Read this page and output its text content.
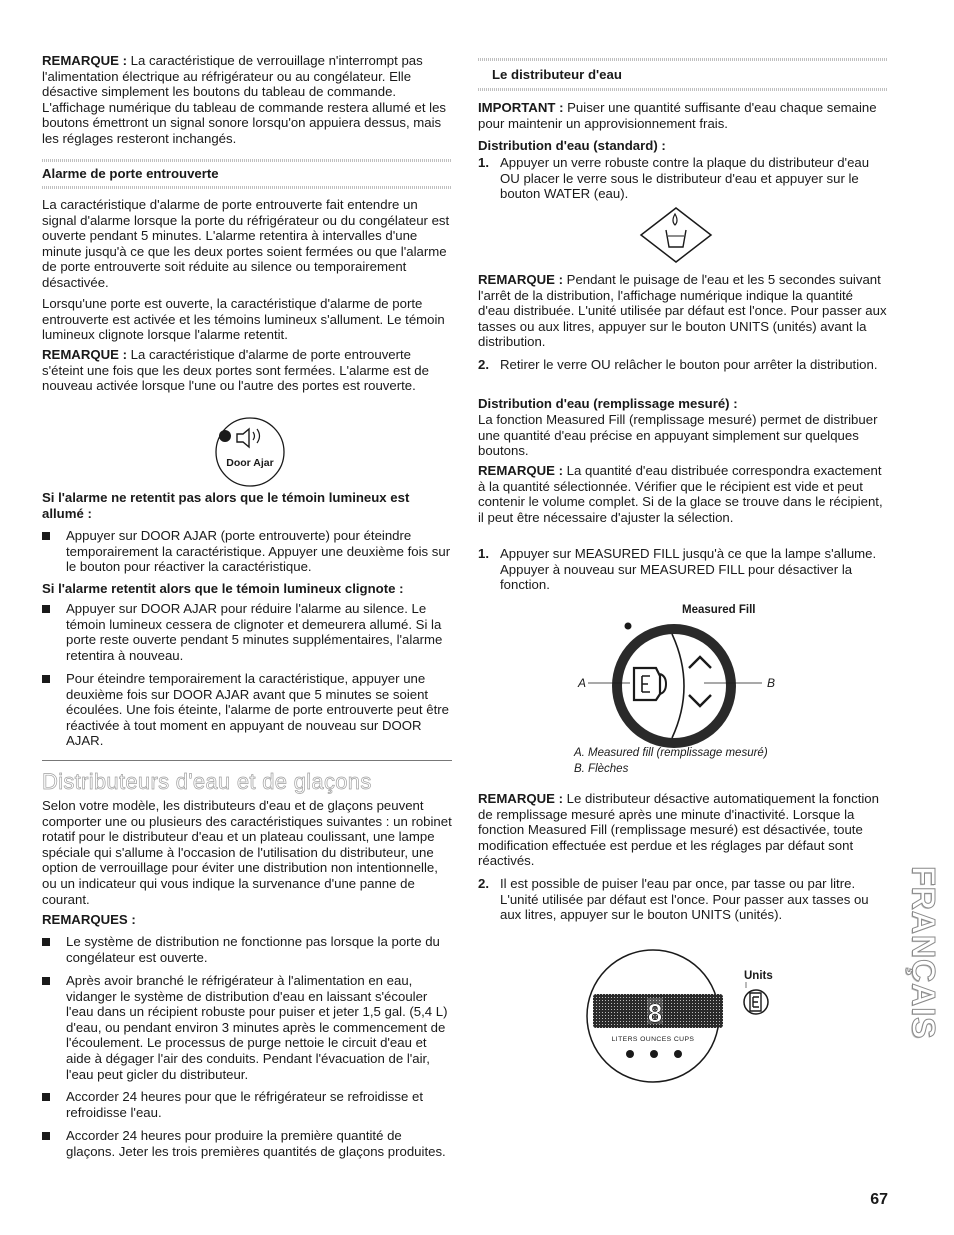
REMARQUE : La caractéristique de verrouillage n'interrompt pas l'alimentation électrique au réfrigérateur ou au congélateur. Elle désactive simplement les boutons du tableau de commande. L'affichage numérique du tableau de commande restera allumé et les boutons émettront un signal sonore lorsqu'on appuiera dessus, mais les réglages resteront inchangés.

Alarme de porte entrouverte

La caractéristique d'alarme de porte entrouverte fait entendre un signal d'alarme lorsque la porte du réfrigérateur ou du congélateur est ouverte pendant 5 minutes. L'alarme retentira à intervalles d'une minute jusqu'à ce que les deux portes soient fermées ou que l'alarme de porte entrouverte soit réduite au silence ou temporairement désactivée.

Lorsqu'une porte est ouverte, la caractéristique d'alarme de porte entrouverte est activée et les témoins lumineux s'allument. Le témoin lumineux clignote lorsque l'alarme retentit.

REMARQUE : La caractéristique d'alarme de porte entrouverte s'éteint une fois que les deux portes sont fermées. L'alarme est de nouveau activée lorsque l'une ou l'autre des portes est rouverte.

Door Ajar

Si l'alarme ne retentit pas alors que le témoin lumineux est allumé :

Appuyer sur DOOR AJAR (porte entrouverte) pour éteindre temporairement la caractéristique. Appuyer une deuxième fois sur le bouton pour réactiver la caractéristique.

Si l'alarme retentit alors que le témoin lumineux clignote :

Appuyer sur DOOR AJAR pour réduire l'alarme au silence. Le témoin lumineux cessera de clignoter et demeurera allumé. Si la porte reste ouverte pendant 5 minutes supplémentaires, l'alarme retentira à nouveau.
Pour éteindre temporairement la caractéristique, appuyer une deuxième fois sur DOOR AJAR avant que 5 minutes se soient écoulées. Une fois éteinte, l'alarme de porte entrouverte peut être réactivée à tout moment en appuyant de nouveau sur DOOR AJAR.
Distributeurs d'eau et de glaçons

Selon votre modèle, les distributeurs d'eau et de glaçons peuvent comporter une ou plusieurs des caractéristiques suivantes : un robinet rotatif pour le distributeur d'eau et un plateau coulissant, une lampe spéciale qui s'allume à l'occasion de l'utilisation du distributeur, une option de verrouillage pour éviter une distribution non intentionnelle, ou un indicateur qui vous indique la survenance d'une panne de courant.

REMARQUES :

Le système de distribution ne fonctionne pas lorsque la porte du congélateur est ouverte.
Après avoir branché le réfrigérateur à l'alimentation en eau, vidanger le système de distribution d'eau en laissant s'écouler l'eau dans un récipient robuste pour puiser et jeter 1,5 gal. (5,4 L) d'eau, ou pendant environ 3 minutes après le commencement de l'écoulement. Le processus de purge nettoie le circuit d'eau et aide à dégager l'air des conduits. Pendant l'évacuation de l'air, l'eau peut gicler du distributeur.
Accorder 24 heures pour que le réfrigérateur se refroidisse et refroidisse l'eau.
Accorder 24 heures pour produire la première quantité de glaçons. Jeter les trois premières quantités de glaçons produites.
Le distributeur d'eau

IMPORTANT : Puiser une quantité suffisante d'eau chaque semaine pour maintenir un approvisionnement frais.

Distribution d'eau (standard) :

1. Appuyer un verre robuste contre la plaque du distributeur d'eau OU placer le verre sous le distributeur d'eau et appuyer sur le bouton WATER (eau).

REMARQUE : Pendant le puisage de l'eau et les 5 secondes suivant l'arrêt de la distribution, l'affichage numérique indique la quantité d'eau distribuée. L'unité utilisée par défaut est l'once. Pour passer aux tasses ou aux litres, appuyer sur le bouton UNITS (unités) avant la distribution.

2. Retirer le verre OU relâcher le bouton pour arrêter la distribution.

Distribution d'eau (remplissage mesuré) :

La fonction Measured Fill (remplissage mesuré) permet de distribuer une quantité d'eau précise en appuyant simplement sur quelques boutons.

REMARQUE : La quantité d'eau distribuée correspondra exactement à la quantité sélectionnée. Vérifier que le récipient est vide et peut contenir le volume complet. Si de la glace se trouve dans le récipient, il peut être nécessaire d'ajuster la sélection.

1. Appuyer sur MEASURED FILL jusqu'à ce que la lampe s'allume. Appuyer à nouveau sur MEASURED FILL pour désactiver la fonction.
Measured Fill
A	B
A. Measured fill (remplissage mesuré)
B. Flèches

REMARQUE : Le distributeur désactive automatiquement la fonction de remplissage mesuré après une minute d'inactivité. Lorsque la fonction Measured Fill (remplissage mesuré) est désactivée, toute modification effectuée est perdue et les réglages par défaut sont réactivés.

2. Il est possible de puiser l'eau par once, par tasse ou par litre. L'unité utilisée par défaut est l'once. Pour passer aux tasses ou aux litres, appuyer sur le bouton UNITS (unités).
8
LITERS OUNCES CUPS
Units	FRANÇAIS
67
